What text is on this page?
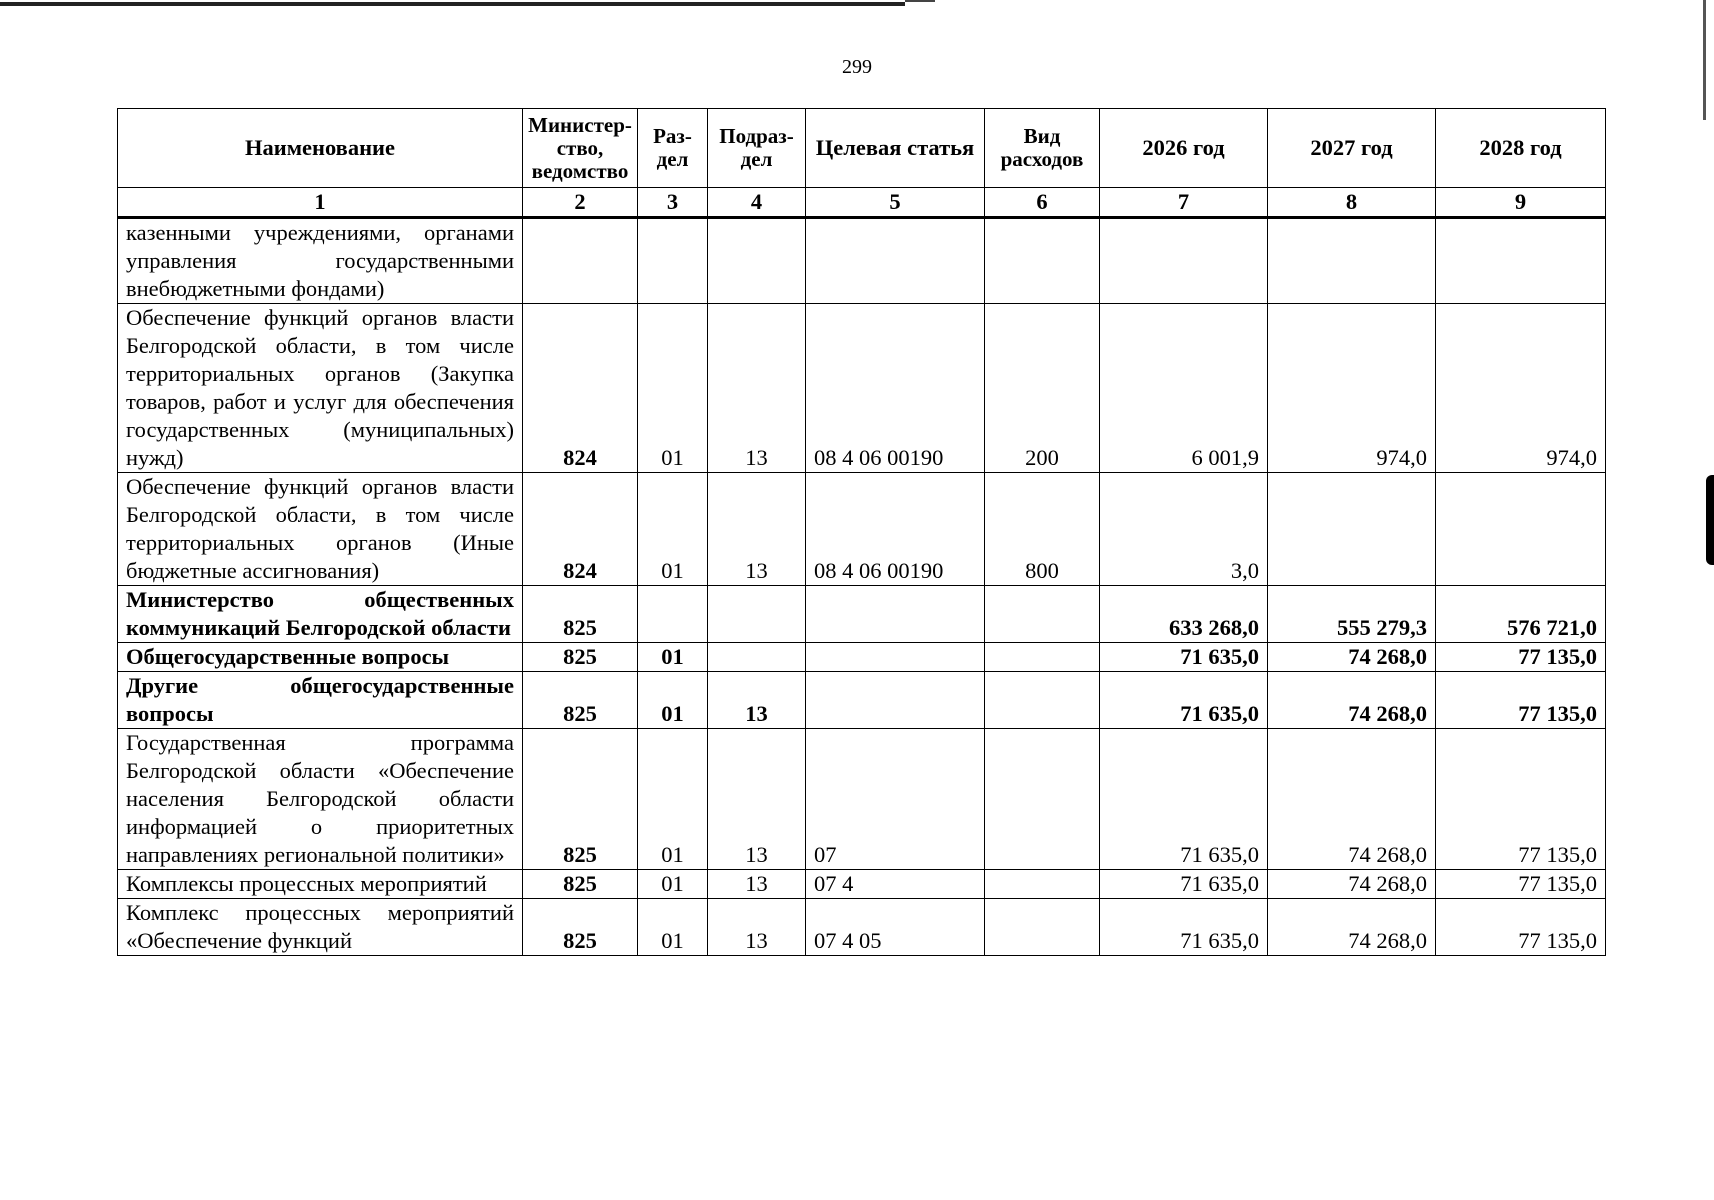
299
Наименование	Министер-ство, ведомство	Раз-дел	Подраз-дел	Целевая статья	Вид расходов	2026 год	2027 год	2028 год
1	2	3	4	5	6	7	8	9
казенными учреждениями, органами управления государственными внебюджетными фондами)								
Обеспечение функций органов власти Белгородской области, в том числе территориальных органов (Закупка товаров, работ и услуг для обеспечения государственных (муниципальных) нужд)	824	01	13	08 4 06 00190	200	6 001,9	974,0	974,0
Обеспечение функций органов власти Белгородской области, в том числе территориальных органов (Иные бюджетные ассигнования)	824	01	13	08 4 06 00190	800	3,0		
Министерство общественных коммуникаций Белгородской области	825					633 268,0	555 279,3	576 721,0
Общегосударственные вопросы	825	01				71 635,0	74 268,0	77 135,0
Другие общегосударственные вопросы	825	01	13			71 635,0	74 268,0	77 135,0
Государственная программа Белгородской области «Обеспечение населения Белгородской области информацией о приоритетных направлениях региональной политики»	825	01	13	07		71 635,0	74 268,0	77 135,0
Комплексы процессных мероприятий	825	01	13	07 4		71 635,0	74 268,0	77 135,0
Комплекс процессных мероприятий «Обеспечение функций	825	01	13	07 4 05		71 635,0	74 268,0	77 135,0
